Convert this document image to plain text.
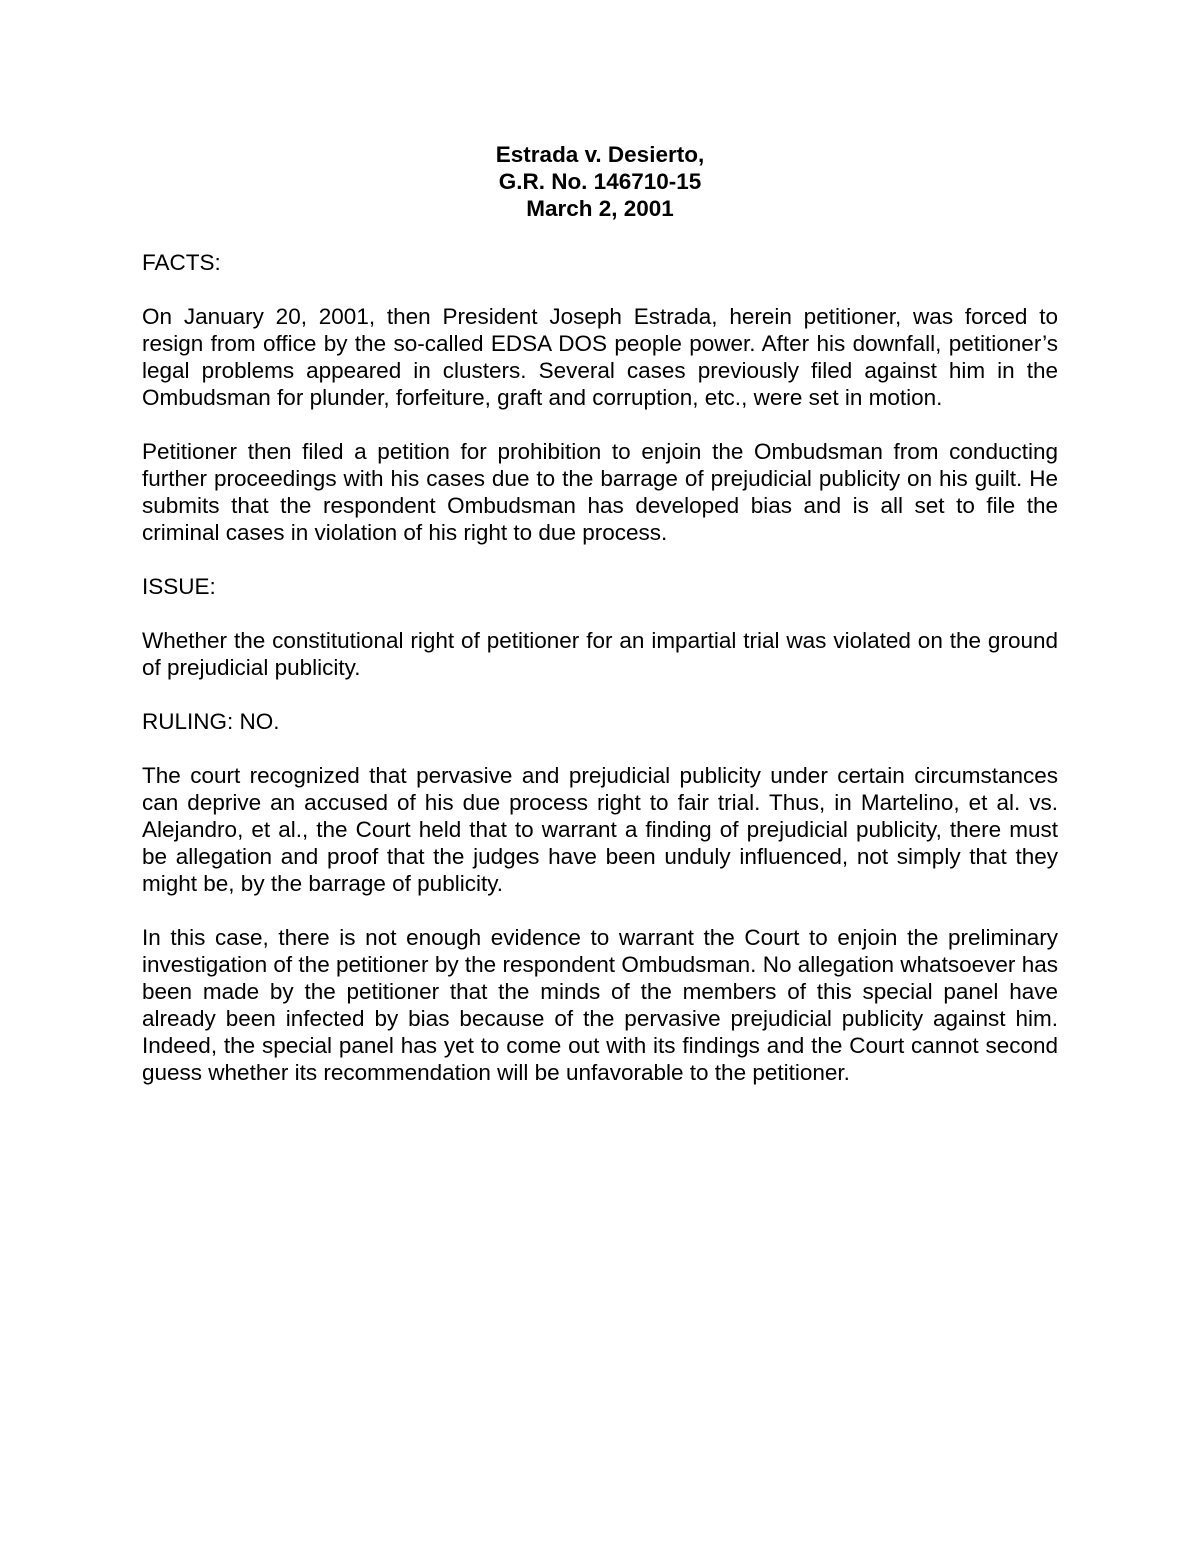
Estrada v. Desierto,
G.R. No. 146710-15
March 2, 2001

FACTS:

On January 20, 2001, then President Joseph Estrada, herein petitioner, was forced to resign from office by the so-called EDSA DOS people power. After his downfall, petitioner’s legal problems appeared in clusters. Several cases previously filed against him in the Ombudsman for plunder, forfeiture, graft and corruption, etc., were set in motion.

Petitioner then filed a petition for prohibition to enjoin the Ombudsman from conducting further proceedings with his cases due to the barrage of prejudicial publicity on his guilt. He submits that the respondent Ombudsman has developed bias and is all set to file the criminal cases in violation of his right to due process.

ISSUE:

Whether the constitutional right of petitioner for an impartial trial was violated on the ground of prejudicial publicity.

RULING: NO.

The court recognized that pervasive and prejudicial publicity under certain circumstances can deprive an accused of his due process right to fair trial. Thus, in Martelino, et al. vs. Alejandro, et al., the Court held that to warrant a finding of prejudicial publicity, there must be allegation and proof that the judges have been unduly influenced, not simply that they might be, by the barrage of publicity.

In this case, there is not enough evidence to warrant the Court to enjoin the preliminary investigation of the petitioner by the respondent Ombudsman. No allegation whatsoever has been made by the petitioner that the minds of the members of this special panel have already been infected by bias because of the pervasive prejudicial publicity against him. Indeed, the special panel has yet to come out with its findings and the Court cannot second guess whether its recommendation will be unfavorable to the petitioner.
